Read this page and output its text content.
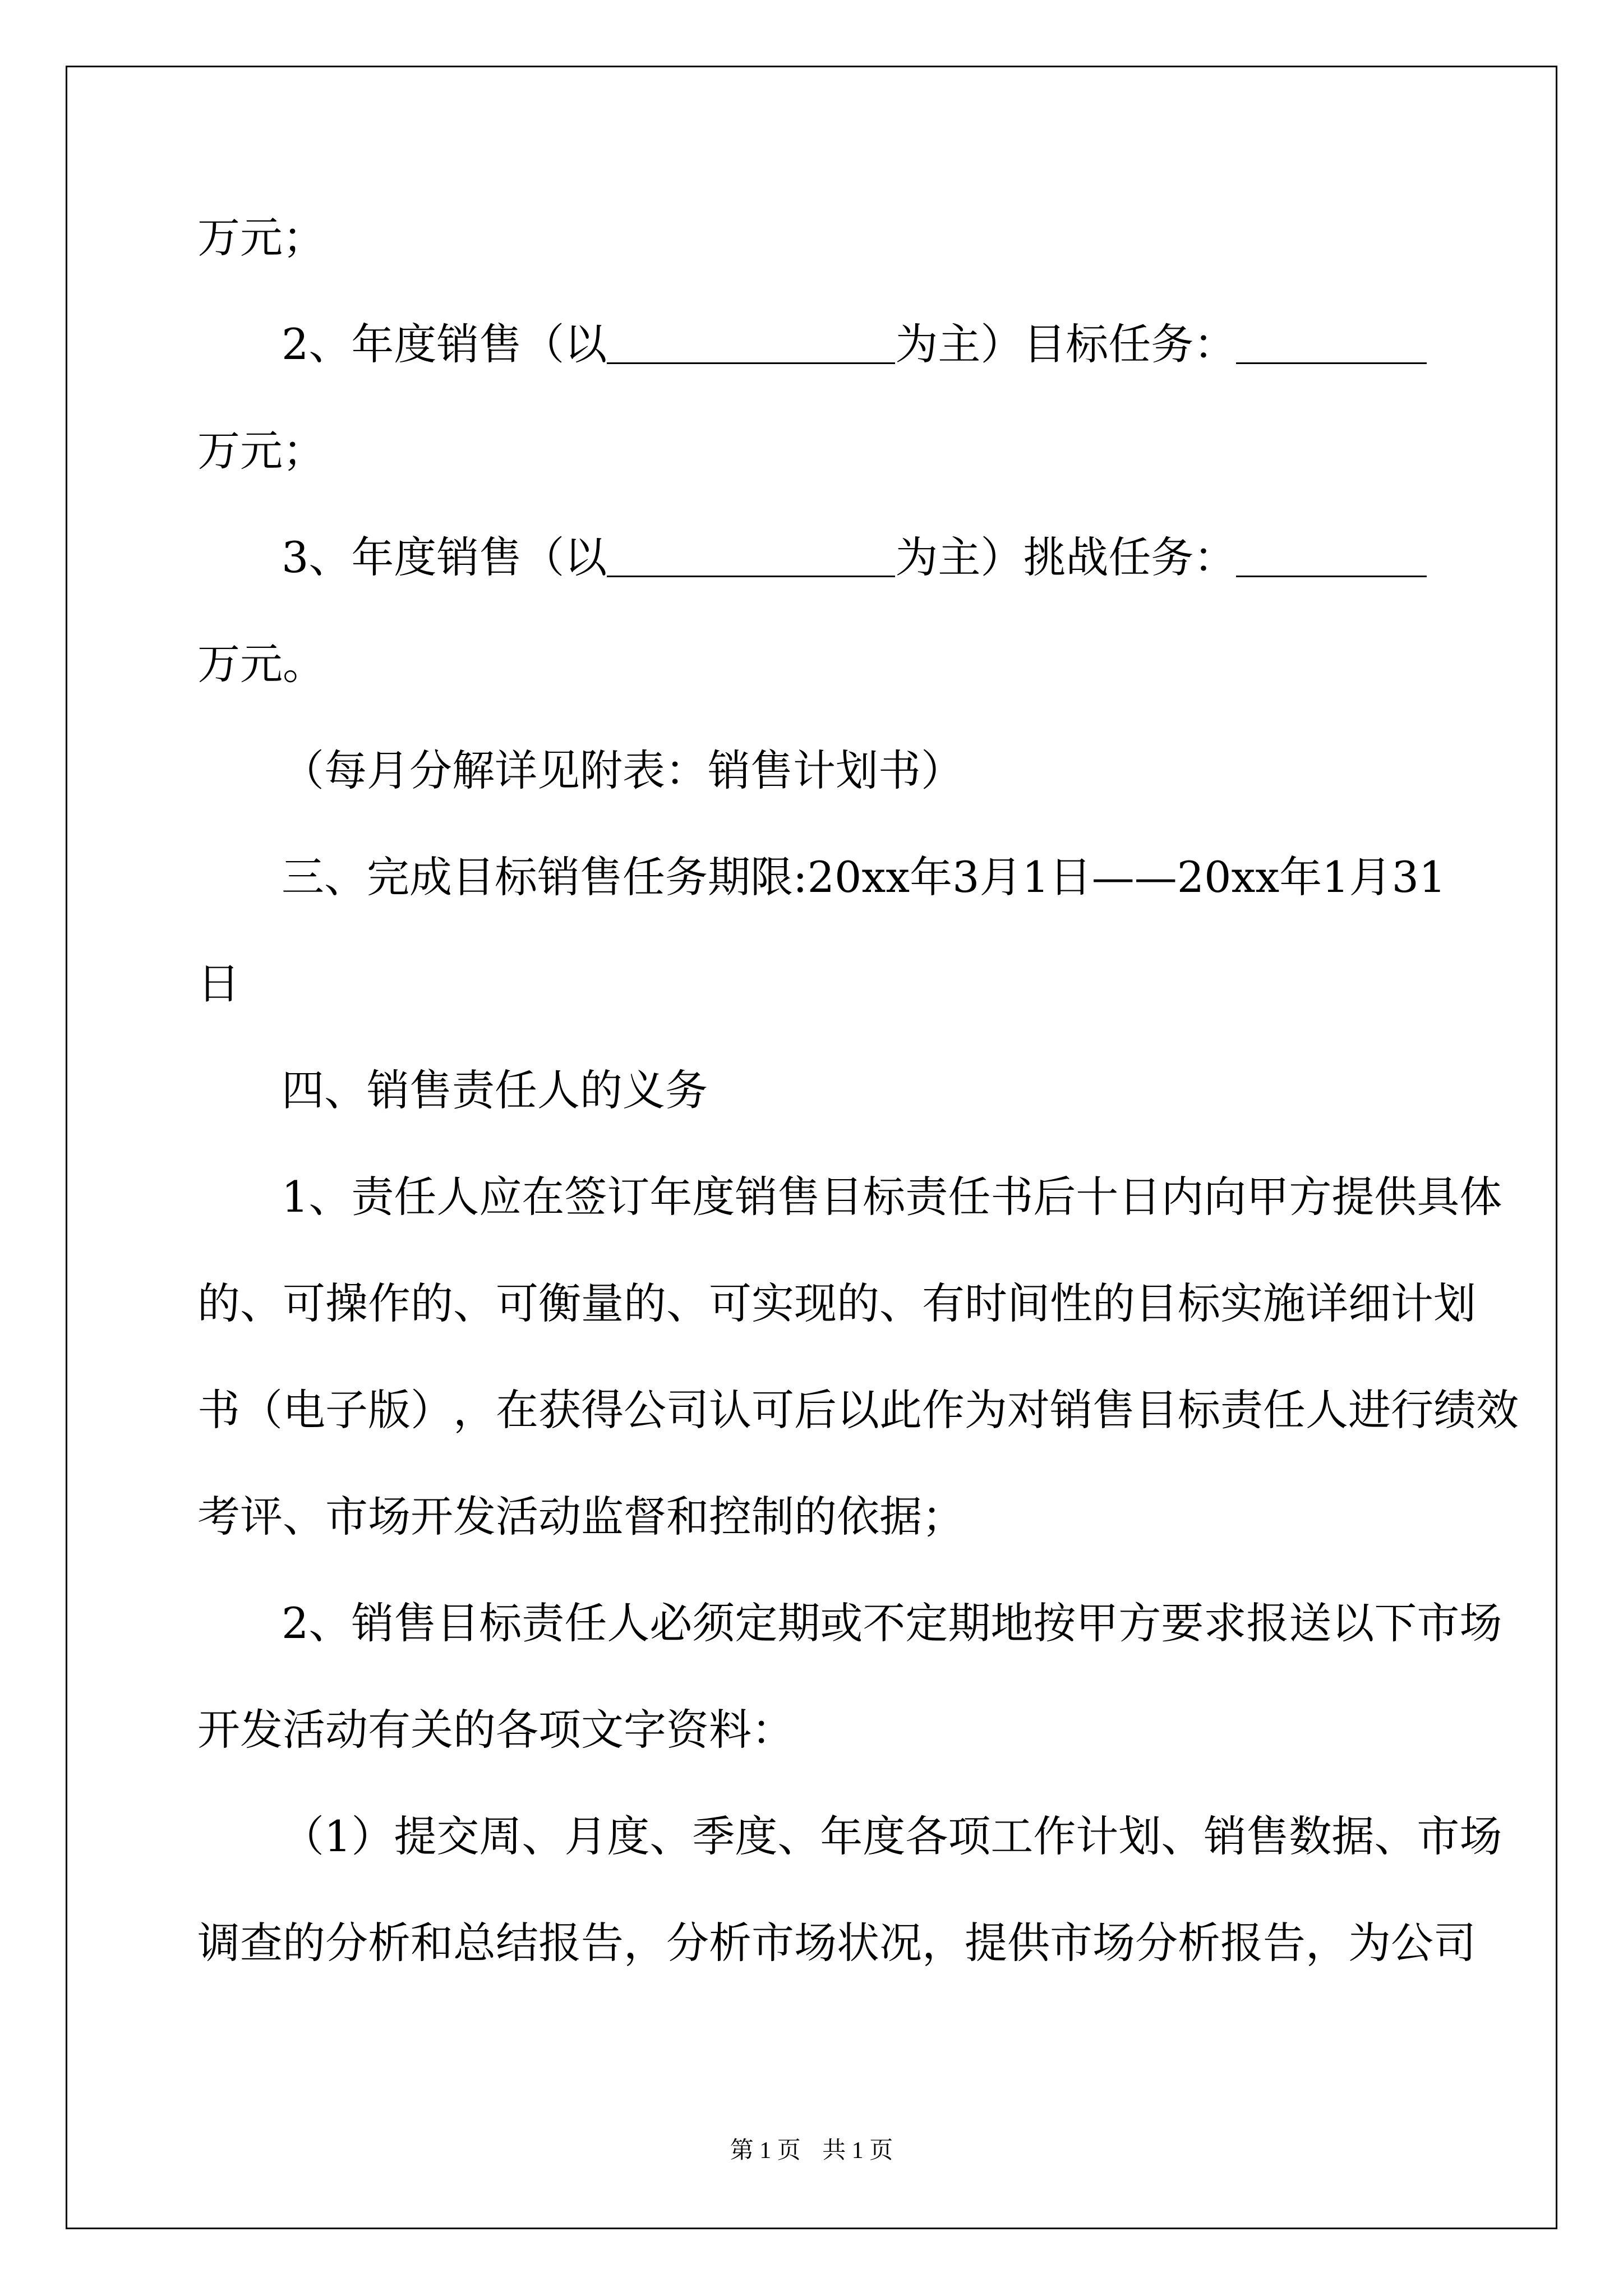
万元；
2、年度销售（以	为主）目标任务：
万元；
3、年度销售（以	为主）挑战任务：
万元。
（每月分解详见附表：销售计划书）
三 、 完 成 目 标 销 售 任 务 期 限 : 2 0 x x 年 3 月 1 日 — — 2 0 x x 年 1 月 3 1
日
四、销售责任人的义务
1 、 责 任 人 应 在 签 订 年 度 销 售 目 标 责 任 书 后 十 日 内 向 甲 方 提 供 具 体
的 、 可 操 作 的 、 可 衡 量 的 、 可 实 现 的 、 有 时 间 性 的 目 标 实 施 详 细 计 划
书 （ 电 子 版 ） ， 在 获 得 公 司 认 可 后 以 此 作 为 对 销 售 目 标 责 任 人 进 行 绩 效
考评、市场开发活动监督和控制的依据；
2 、 销 售 目 标 责 任 人 必 须 定 期 或 不 定 期 地 按 甲 方 要 求 报 送 以 下 市 场
开发活动有关的各项文字资料：
（ 1 ） 提 交 周 、 月 度 、 季 度 、 年 度 各 项 工 作 计 划 、 销 售 数 据 、 市 场
调 查 的 分 析 和 总 结 报 告 ， 分 析 市 场 状 况 ， 提 供 市 场 分 析 报 告 ， 为 公 司
第 1 页 共 1 页
